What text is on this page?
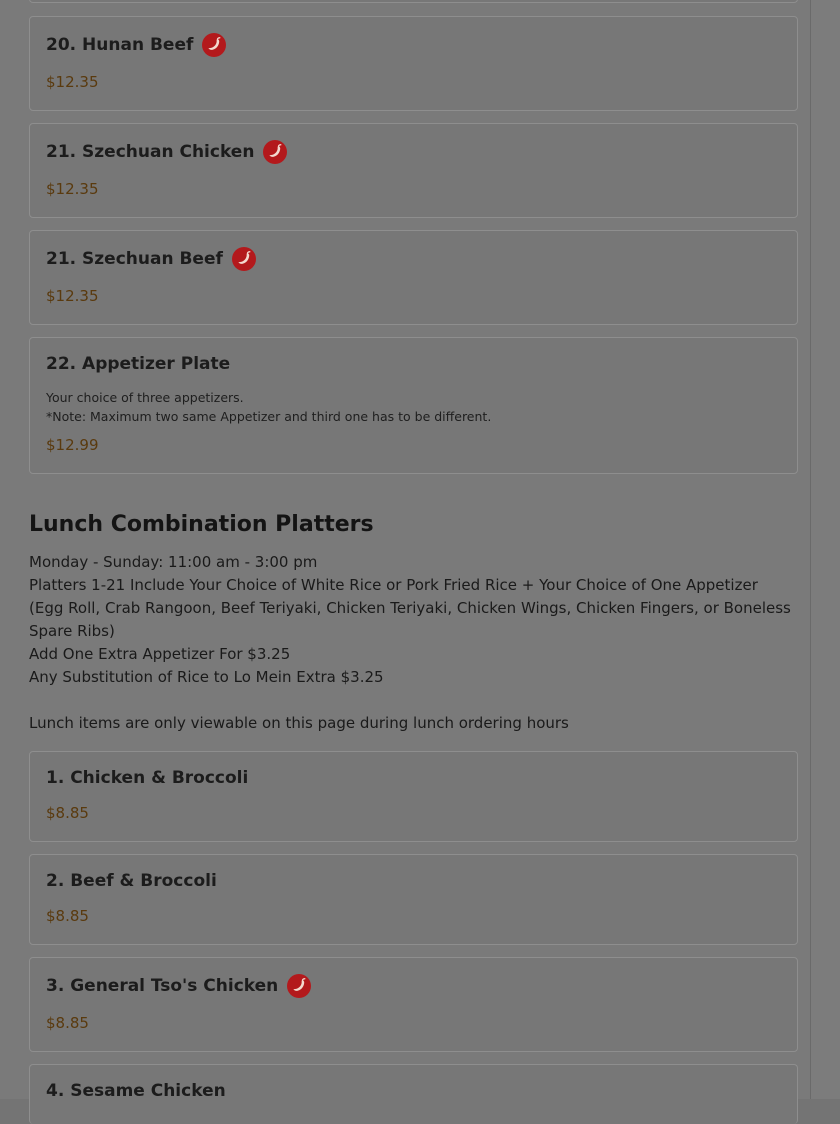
20. Hunan Beef
$12.35
21. Szechuan Chicken
$12.35
21. Szechuan Beef
$12.35
22. Appetizer Plate
Your choice of three appetizers.
*Note: Maximum two same Appetizer and third one has to be different.
$12.99
Lunch Combination Platters
Monday - Sunday: 11:00 am - 3:00 pm
Platters 1-21 Include Your Choice of White Rice or Pork Fried Rice + Your Choice of One Appetizer
(Egg Roll, Crab Rangoon, Beef Teriyaki, Chicken Teriyaki, Chicken Wings, Chicken Fingers, or Boneless
Spare Ribs)
Add One Extra Appetizer For $3.25
Any Substitution of Rice to Lo Mein Extra $3.25
Lunch items are only viewable on this page during lunch ordering hours
1. Chicken & Broccoli
$8.85
2. Beef & Broccoli
$8.85
3. General Tso's Chicken
$8.85
4. Sesame Chicken
